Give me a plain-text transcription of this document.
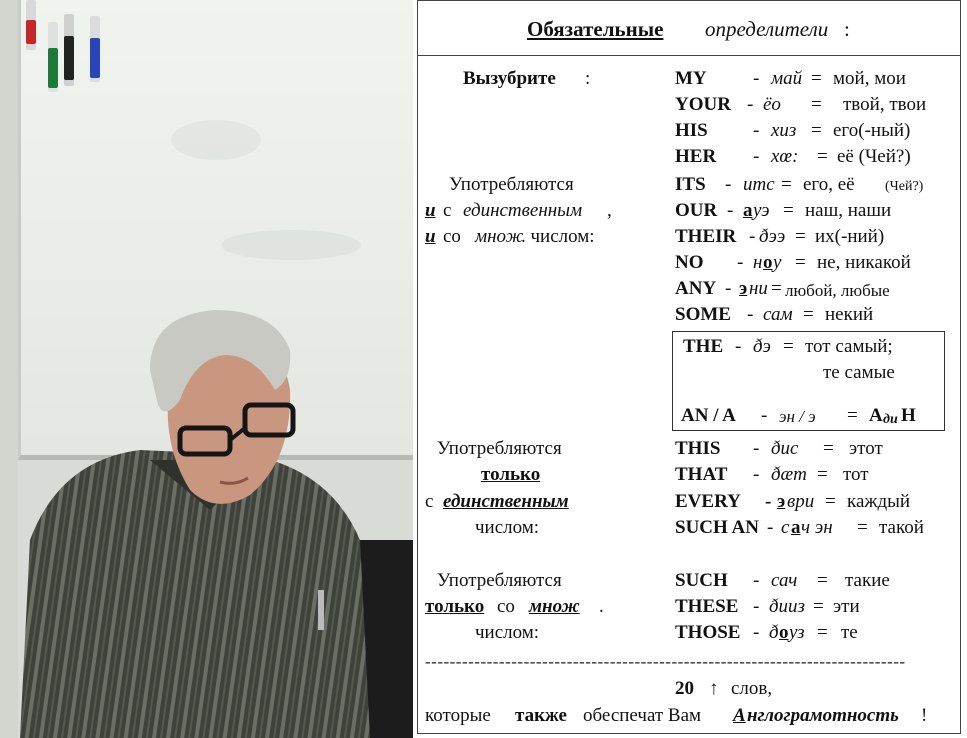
Обязательные определители :
Вызубрите :
Употребляются
и с единственным ,
и со множ
. числом:
Употребляются
только
с единственным
числом:
Употребляются
только со множ .
числом:
MY - май = мой, мои
YOUR - ёо = твой, твои
HIS - хиз = его(-ный)
HER - хœ: = её (Чей?)
ITS - итс = его, её (Чей?)
OUR - а уэ = наш, наши
THEIR - ðээ = их(-ний)
NO - н о у = не, никакой
ANY - э ни = любой, любые
SOME - сам = некий
THE - ðэ = тот самый;
те самые
AN / A - эн / э = А ди Н
THIS - ðис = этот
THAT - ðæт = тот
EVERY - э ври = каждый
SUCH AN - с а ч эн = такой
SUCH - сач = такие
THESE - ðииз = эти
THOSE - ð о уз = те
------------------------------------------------------------------------------
20 ↑ слов,
которые также обеспечат Вам А нглограмотность !
